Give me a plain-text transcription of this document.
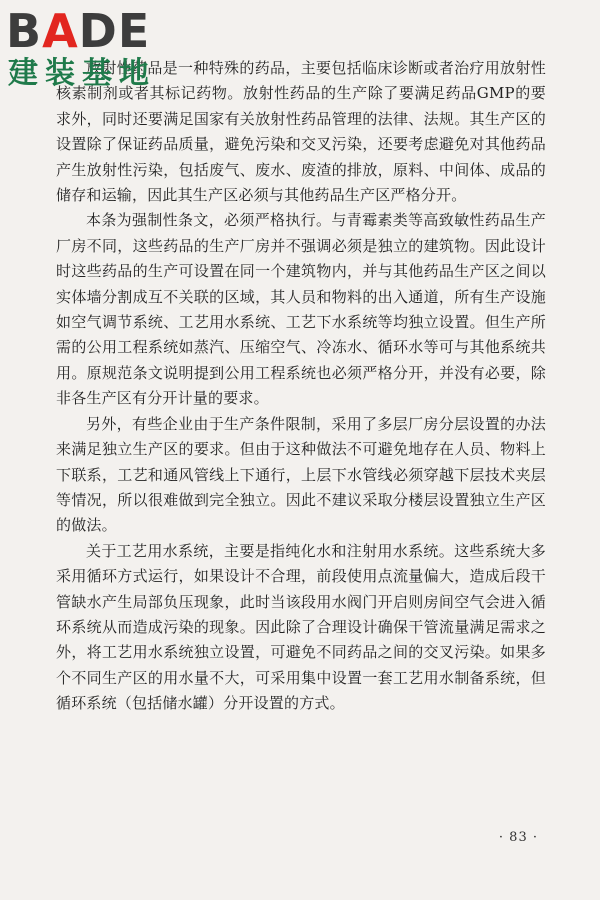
BADE
建装基地

放射性药品是一种特殊的药品，主要包括临床诊断或者治疗用放射性核素制剂或者其标记药物。放射性药品的生产除了要满足药品GMP的要求外，同时还要满足国家有关放射性药品管理的法律、法规。其生产区的设置除了保证药品质量，避免污染和交叉污染，还要考虑避免对其他药品产生放射性污染，包括废气、废水、废渣的排放，原料、中间体、成品的储存和运输，因此其生产区必须与其他药品生产区严格分开。

本条为强制性条文，必须严格执行。与青霉素类等高致敏性药品生产厂房不同，这些药品的生产厂房并不强调必须是独立的建筑物。因此设计时这些药品的生产可设置在同一个建筑物内，并与其他药品生产区之间以实体墙分割成互不关联的区域，其人员和物料的出入通道，所有生产设施如空气调节系统、工艺用水系统、工艺下水系统等均独立设置。但生产所需的公用工程系统如蒸汽、压缩空气、冷冻水、循环水等可与其他系统共用。原规范条文说明提到公用工程系统也必须严格分开，并没有必要，除非各生产区有分开计量的要求。

另外，有些企业由于生产条件限制，采用了多层厂房分层设置的办法来满足独立生产区的要求。但由于这种做法不可避免地存在人员、物料上下联系，工艺和通风管线上下通行，上层下水管线必须穿越下层技术夹层等情况，所以很难做到完全独立。因此不建议采取分楼层设置独立生产区的做法。

关于工艺用水系统，主要是指纯化水和注射用水系统。这些系统大多采用循环方式运行，如果设计不合理，前段使用点流量偏大，造成后段干管缺水产生局部负压现象，此时当该段用水阀门开启则房间空气会进入循环系统从而造成污染的现象。因此除了合理设计确保干管流量满足需求之外，将工艺用水系统独立设置，可避免不同药品之间的交叉污染。如果多个不同生产区的用水量不大，可采用集中设置一套工艺用水制备系统，但循环系统（包括储水罐）分开设置的方式。

· 83 ·
